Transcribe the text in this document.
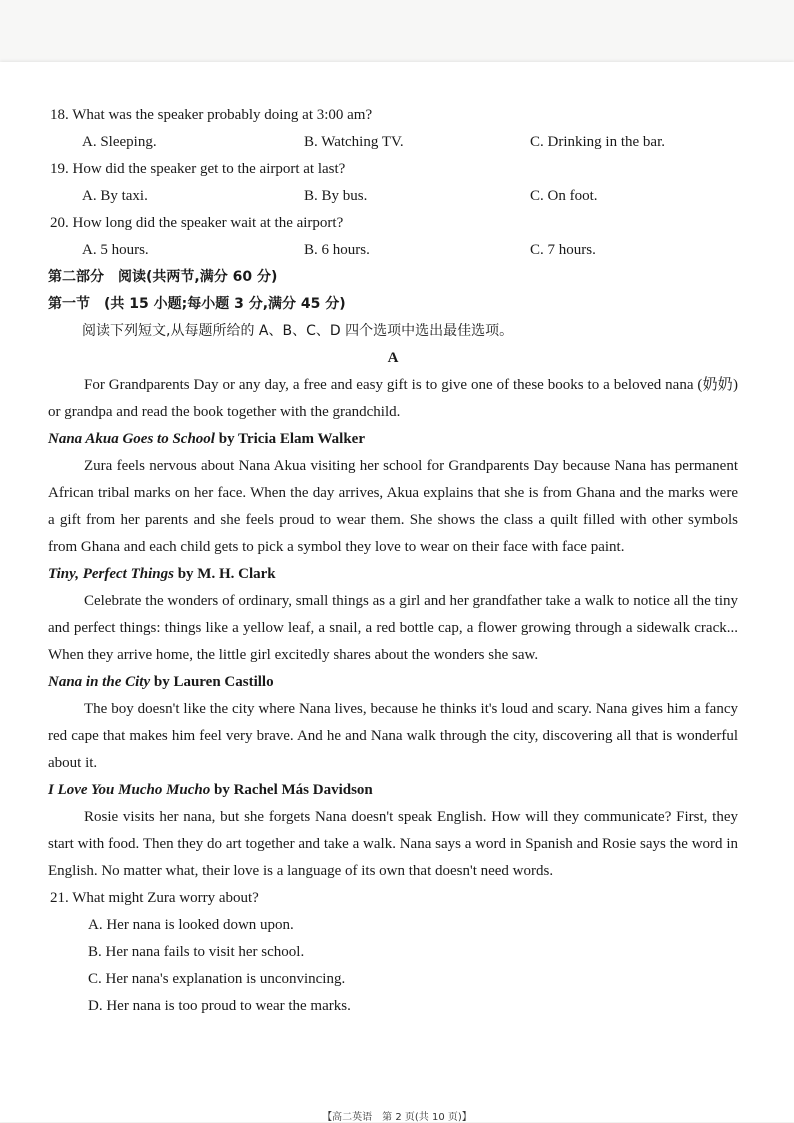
18. What was the speaker probably doing at 3:00 am?
A. Sleeping.	B. Watching TV.	C. Drinking in the bar.
19. How did the speaker get to the airport at last?
A. By taxi.	B. By bus.	C. On foot.
20. How long did the speaker wait at the airport?
A. 5 hours.	B. 6 hours.	C. 7 hours.
第二部分　阅读(共两节,满分 60 分)
第一节　(共 15 小题;每小题 3 分,满分 45 分)
阅读下列短文,从每题所给的 A、B、C、D 四个选项中选出最佳选项。
A

For Grandparents Day or any day, a free and easy gift is to give one of these books to a beloved nana (奶奶) or grandpa and read the book together with the grandchild.

Nana Akua Goes to School by Tricia Elam Walker

Zura feels nervous about Nana Akua visiting her school for Grandparents Day because Nana has permanent African tribal marks on her face. When the day arrives, Akua explains that she is from Ghana and the marks were a gift from her parents and she feels proud to wear them. She shows the class a quilt filled with other symbols from Ghana and each child gets to pick a symbol they love to wear on their face with face paint.

Tiny, Perfect Things by M. H. Clark

Celebrate the wonders of ordinary, small things as a girl and her grandfather take a walk to notice all the tiny and perfect things: things like a yellow leaf, a snail, a red bottle cap, a flower growing through a sidewalk crack... When they arrive home, the little girl excitedly shares about the wonders she saw.

Nana in the City by Lauren Castillo

The boy doesn't like the city where Nana lives, because he thinks it's loud and scary. Nana gives him a fancy red cape that makes him feel very brave. And he and Nana walk through the city, discovering all that is wonderful about it.

I Love You Mucho Mucho by Rachel Más Davidson

Rosie visits her nana, but she forgets Nana doesn't speak English. How will they communicate? First, they start with food. Then they do art together and take a walk. Nana says a word in Spanish and Rosie says the word in English. No matter what, their love is a language of its own that doesn't need words.

21. What might Zura worry about?
A. Her nana is looked down upon.
B. Her nana fails to visit her school.
C. Her nana's explanation is unconvincing.
D. Her nana is too proud to wear the marks.
【高二英语　第 2 页(共 10 页)】
